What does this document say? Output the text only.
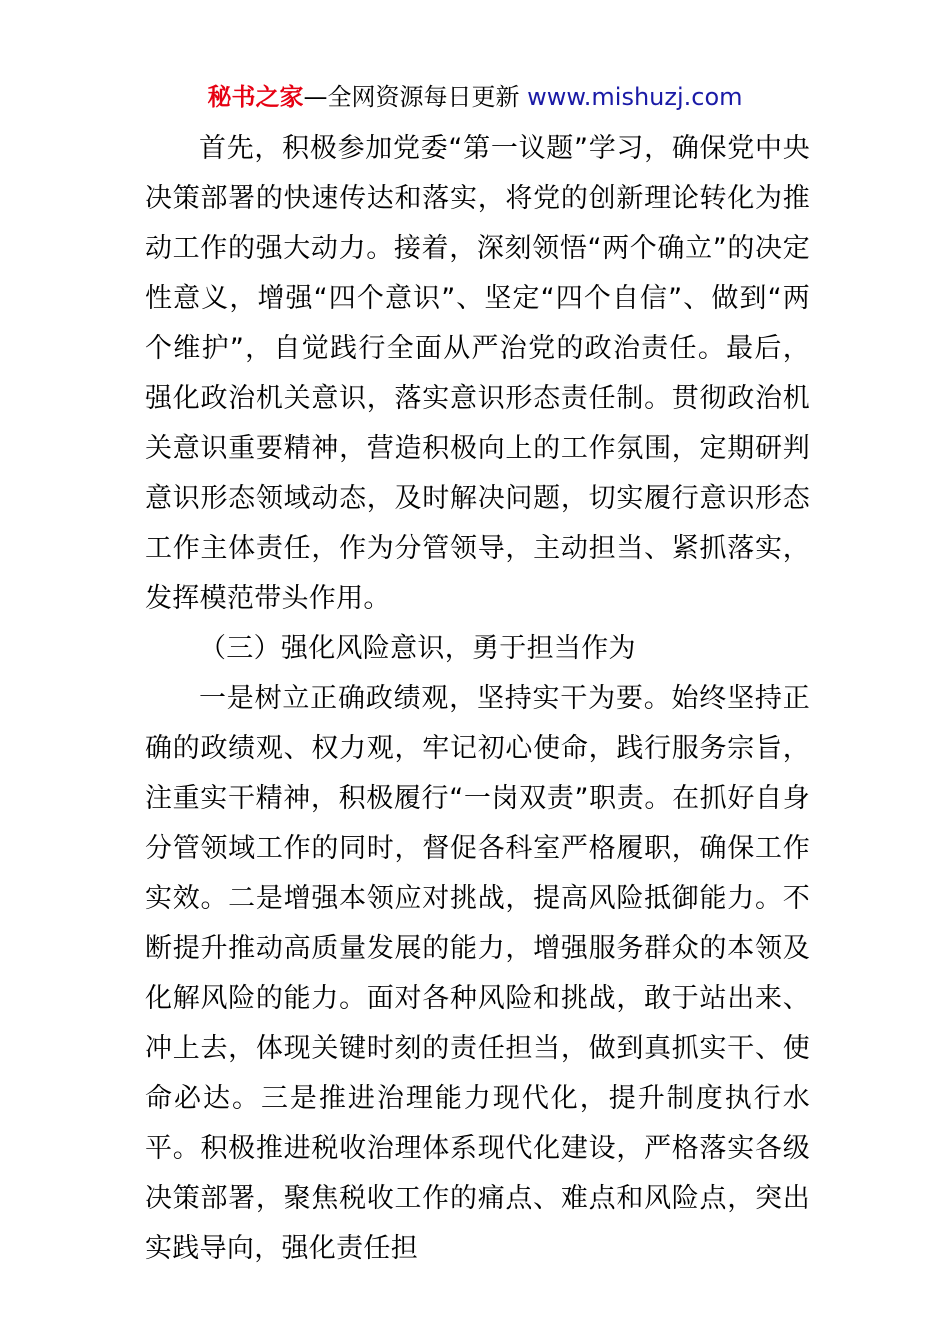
秘书之家—全网资源每日更新 www.mishuzj.com

首先，积极参加党委“第一议题”学习，确保党中央决策部署的快速传达和落实，将党的创新理论转化为推动工作的强大动力。接着，深刻领悟“两个确立”的决定性意义，增强“四个意识”、坚定“四个自信”、做到“两个维护”，自觉践行全面从严治党的政治责任。最后，强化政治机关意识，落实意识形态责任制。贯彻政治机关意识重要精神，营造积极向上的工作氛围，定期研判意识形态领域动态，及时解决问题，切实履行意识形态工作主体责任，作为分管领导，主动担当、紧抓落实，发挥模范带头作用。

（三）强化风险意识，勇于担当作为

一是树立正确政绩观，坚持实干为要。始终坚持正确的政绩观、权力观，牢记初心使命，践行服务宗旨，注重实干精神，积极履行“一岗双责”职责。在抓好自身分管领域工作的同时，督促各科室严格履职，确保工作实效。二是增强本领应对挑战，提高风险抵御能力。不断提升推动高质量发展的能力，增强服务群众的本领及化解风险的能力。面对各种风险和挑战，敢于站出来、冲上去，体现关键时刻的责任担当，做到真抓实干、使命必达。三是推进治理能力现代化，提升制度执行水平。积极推进税收治理体系现代化建设，严格落实各级决策部署，聚焦税收工作的痛点、难点和风险点，突出实践导向，强化责任担
